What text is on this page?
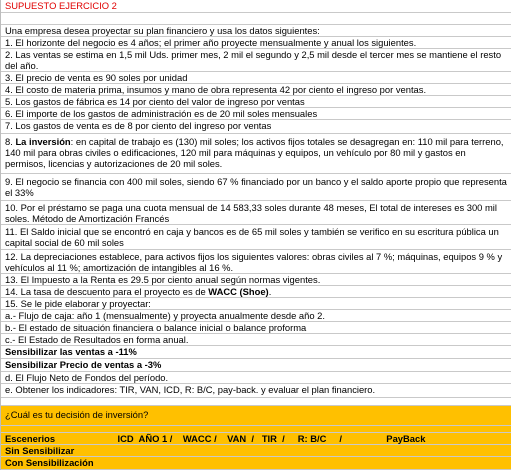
SUPUESTO EJERCICIO 2
Una empresa desea proyectar su plan financiero y usa los datos siguientes:
1. El horizonte del negocio es 4 años; el primer año proyecte mensualmente y anual los siguientes.
2. Las ventas se estima en 1,5 mil Uds. primer mes, 2 mil el segundo y 2,5 mil desde el tercer mes se mantiene el resto del año.
3. El precio de venta es 90 soles por unidad
4. El costo de materia prima, insumos y mano de obra representa 42 por ciento el ingreso por ventas.
5. Los gastos de fábrica es 14 por ciento del valor de ingreso por ventas
6. El importe de los gastos de administración es de 20 mil soles mensuales
7. Los gastos de venta es de 8 por ciento del ingreso por ventas
8. La inversión: en capital de trabajo es (130) mil soles; los activos fijos totales se desagregan en: 110 mil para terreno, 140 mil para obras civiles o edificaciones, 120 mil para máquinas y equipos, un vehículo por 80 mil y gastos en permisos, licencias y autorizaciones de 20 mil soles.
9. El negocio se financia con 400 mil soles, siendo 67 % financiado por un banco y el saldo aporte propio que representa el 33%
10. Por el préstamo se paga una cuota mensual de 14 583,33 soles durante 48 meses, El total de intereses es 300 mil soles. Método de Amortización Francés
11. El Saldo inicial que se encontró en caja y bancos es de 65 mil soles y también se verifico en su escritura pública un capital social de 60 mil soles
12. La depreciaciones establece, para activos fijos los siguientes valores: obras civiles al 7 %; máquinas, equipos 9 % y vehículos al 11 %; amortización de intangibles al 16 %.
13. El Impuesto a la Renta es 29.5 por ciento anual según normas vigentes.
14. La tasa de descuento para el proyecto es de WACC (Shoe).
15. Se le pide elaborar y proyectar:
a.- Flujo de caja: año 1 (mensualmente) y proyecta anualmente desde año 2.
b.- El estado de situación financiera o balance inicial o balance proforma
c.- El Estado de Resultados en forma anual.
Sensibilizar las ventas a -11%
Sensibilizar Precio de ventas a -3%
d. El Flujo Neto de Fondos del período.
e. Obtener los indicadores: TIR, VAN, ICD, R: B/C, pay-back. y evaluar el plan financiero.
¿Cuál es tu decisión de inversión?
Escenerios                        ICD  AÑO 1 /    WACC /    VAN  /   TIR  /     R: B/C     /                 PayBack
Sin Sensibilizar
Con Sensibilización
